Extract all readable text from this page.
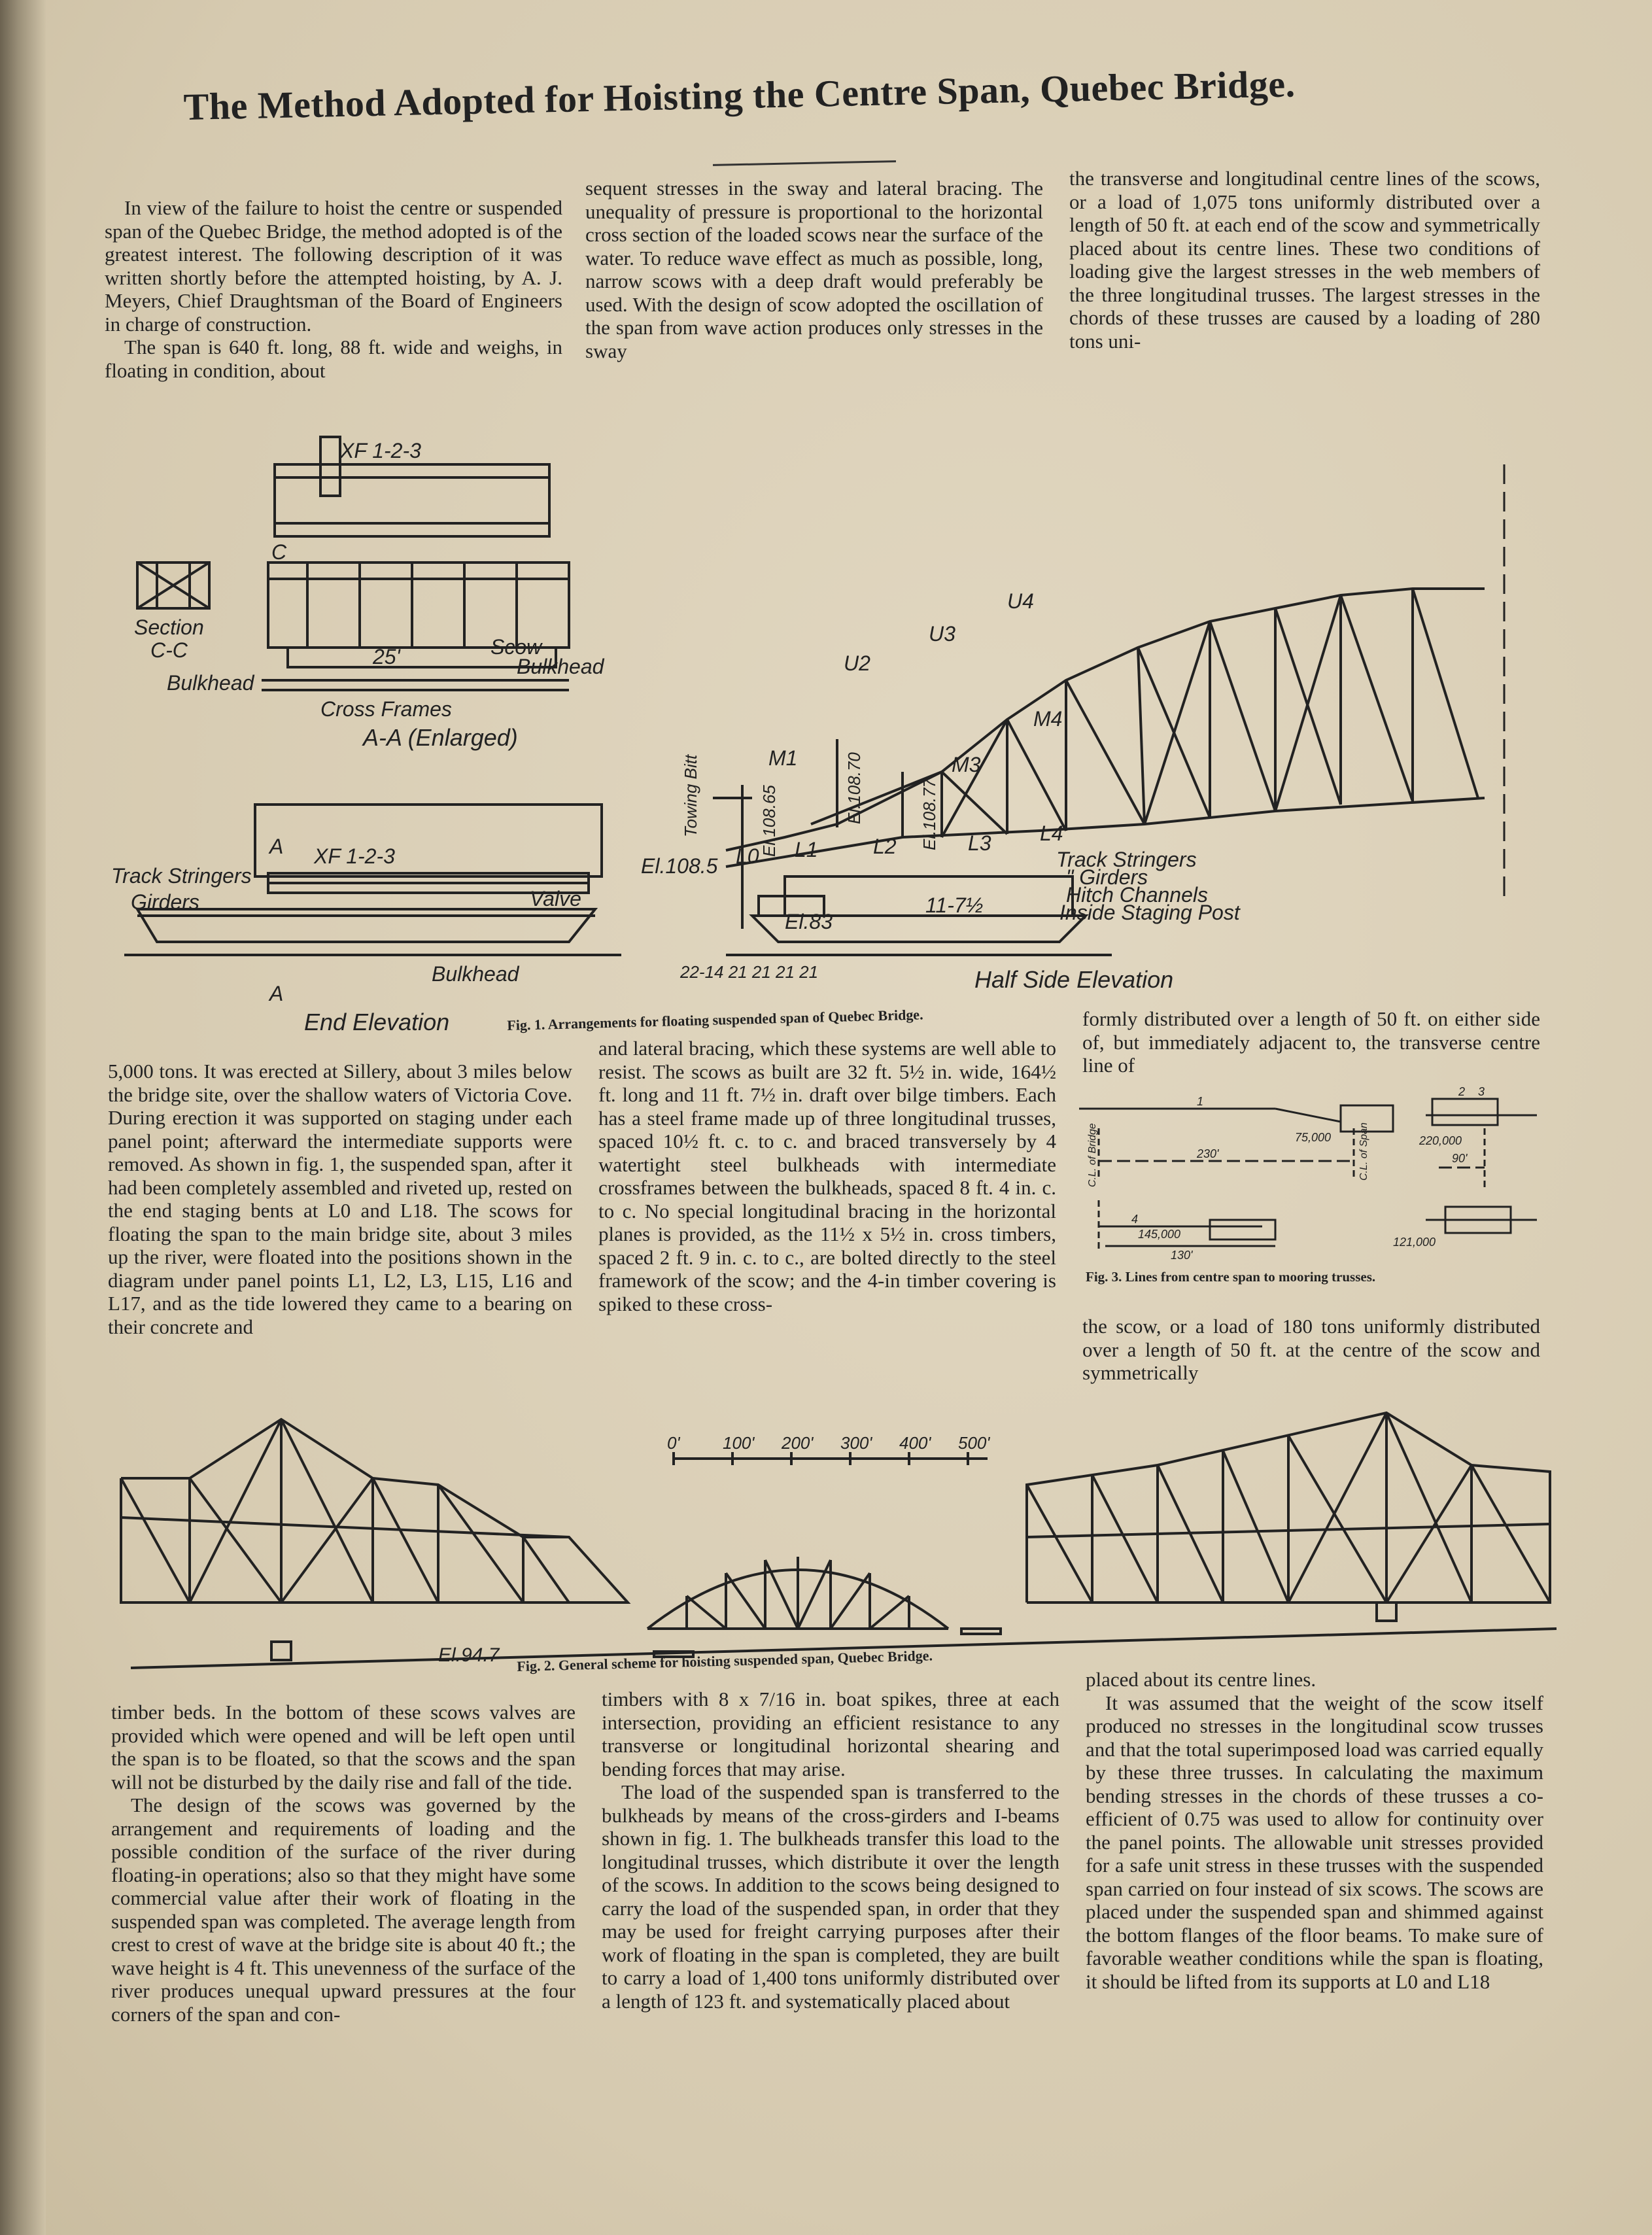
The Method Adopted for Hoisting the Centre Span, Quebec Bridge.

In view of the failure to hoist the centre or suspended span of the Quebec Bridge, the method adopted is of the greatest interest. The following description of it was written shortly before the attempted hoisting, by A. J. Meyers, Chief Draughtsman of the Board of Engineers in charge of construction.

The span is 640 ft. long, 88 ft. wide and weighs, in floating in condition, about

sequent stresses in the sway and lateral bracing. The unequality of pressure is proportional to the horizontal cross section of the loaded scows near the surface of the water. To reduce wave effect as much as possible, long, narrow scows with a deep draft would preferably be used. With the design of scow adopted the oscillation of the span from wave action produces only stresses in the sway

the transverse and longitudinal centre lines of the scows, or a load of 1,075 tons uniformly distributed over a length of 50 ft. at each end of the scow and symmetrically placed about its centre lines. These two conditions of loading give the largest stresses in the web members of the three longitudinal trusses. The largest stresses in the chords of these trusses are caused by a loading of 280 tons uni-

XF 1-2-3
C
Section
C-C	25'	Scow
Bulkhead
Bulkhead
Cross Frames
A-A (Enlarged)
A XF 1-2-3
Track Stringers
Girders	Valve
Bulkhead
A
End Elevation
U2
U3
U4
M1	M3
M4
L0 L1	L2	L3 L4
El.108.5
El.108.65	El.108.70	El.108.77
Towing Bitt
El.83
11-7½
Track Stringers
" Girders
Hitch Channels
Inside Staging Post
22-14 21 21 21 21	Half Side Elevation
Fig. 1. Arrangements for floating suspended span of Quebec Bridge.

5,000 tons. It was erected at Sillery, about 3 miles below the bridge site, over the shallow waters of Victoria Cove. During erection it was supported on staging under each panel point; afterward the intermediate supports were removed. As shown in fig. 1, the suspended span, after it had been completely assembled and riveted up, rested on the end staging bents at L0 and L18. The scows for floating the span to the main bridge site, about 3 miles up the river, were floated into the positions shown in the diagram under panel points L1, L2, L3, L15, L16 and L17, and as the tide lowered they came to a bearing on their concrete and

and lateral bracing, which these systems are well able to resist. The scows as built are 32 ft. 5½ in. wide, 164½ ft. long and 11 ft. 7½ in. draft over bilge timbers. Each has a steel frame made up of three longitudinal trusses, spaced 10½ ft. c. to c. and braced transversely by 4 watertight steel bulkheads with intermediate crossframes between the bulkheads, spaced 8 ft. 4 in. c. to c. No special longitudinal bracing in the horizontal planes is provided, as the 11½ x 5½ in. cross timbers, spaced 2 ft. 9 in. c. to c., are bolted directly to the steel framework of the scow; and the 4-in timber covering is spiked to these cross-

formly distributed over a length of 50 ft. on either side of, but immediately adjacent to, the transverse centre line of

75,000
230'
145,000
130'
220,000
90'
121,000
C.L. of Bridge	C.L. of Span
1
2 3
4
Fig. 3. Lines from centre span to mooring trusses.

the scow, or a load of 180 tons uniformly distributed over a length of 50 ft. at the centre of the scow and symmetrically

0'	100' 200' 300' 400' 500'
El.94.7 Fig. 2. General scheme for hoisting suspended span, Quebec Bridge.

timber beds. In the bottom of these scows valves are provided which were opened and will be left open until the span is to be floated, so that the scows and the span will not be disturbed by the daily rise and fall of the tide.

The design of the scows was governed by the arrangement and requirements of loading and the possible condition of the surface of the river during floating-in operations; also so that they might have some commercial value after their work of floating in the suspended span was completed. The average length from crest to crest of wave at the bridge site is about 40 ft.; the wave height is 4 ft. This unevenness of the surface of the river produces unequal upward pressures at the four corners of the span and con-

timbers with 8 x 7/16 in. boat spikes, three at each intersection, providing an efficient resistance to any transverse or longitudinal horizontal shearing and bending forces that may arise.

The load of the suspended span is transferred to the bulkheads by means of the cross-girders and I-beams shown in fig. 1. The bulkheads transfer this load to the longitudinal trusses, which distribute it over the length of the scows. In addition to the scows being designed to carry the load of the suspended span, in order that they may be used for freight carrying purposes after their work of floating in the span is completed, they are built to carry a load of 1,400 tons uniformly distributed over a length of 123 ft. and systematically placed about

placed about its centre lines.

It was assumed that the weight of the scow itself produced no stresses in the longitudinal scow trusses and that the total superimposed load was carried equally by these three trusses. In calculating the maximum bending stresses in the chords of these trusses a co-efficient of 0.75 was used to allow for continuity over the panel points. The allowable unit stresses provided for a safe unit stress in these trusses with the suspended span carried on four instead of six scows. The scows are placed under the suspended span and shimmed against the bottom flanges of the floor beams. To make sure of favorable weather conditions while the span is floating, it should be lifted from its supports at L0 and L18
